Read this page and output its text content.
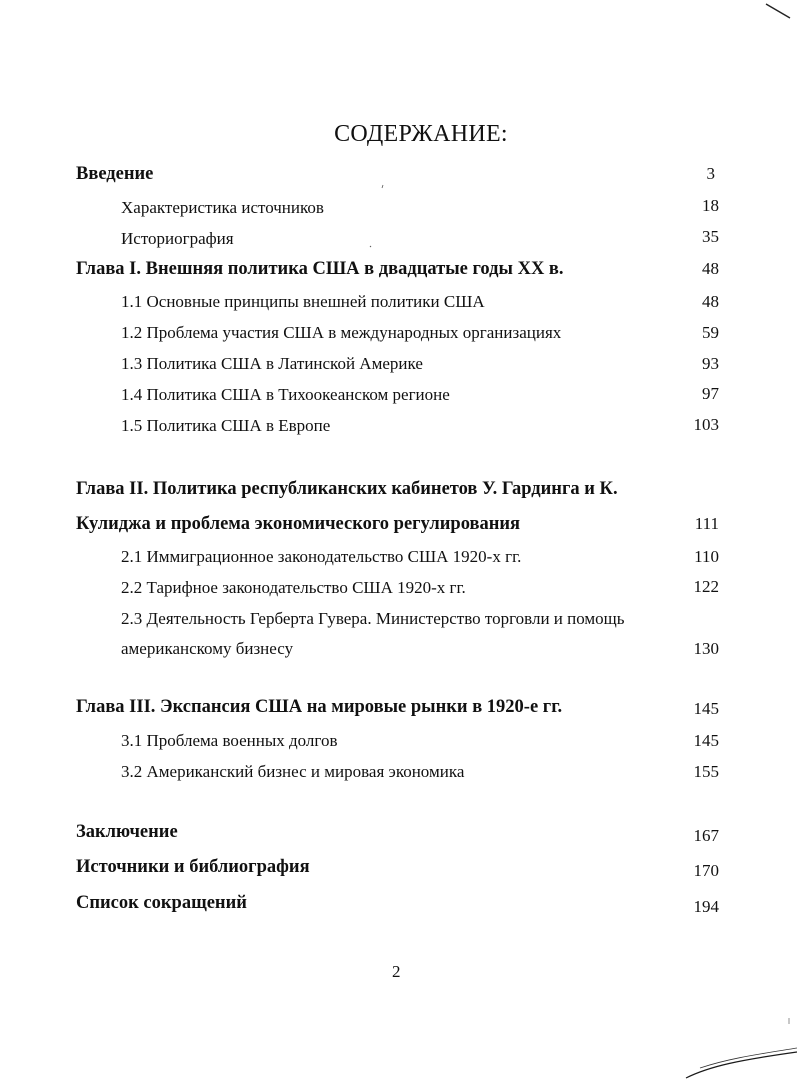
СОДЕРЖАНИЕ:
Введение	3
Характеристика источников	18
Историография	35
Глава I. Внешняя политика США в двадцатые годы XX в.	48
1.1 Основные принципы внешней политики США	48
1.2 Проблема участия США в международных организациях	59
1.3 Политика США в Латинской Америке	93
1.4 Политика США в Тихоокеанском регионе	97
1.5 Политика США в Европе	103
Глава II. Политика республиканских кабинетов У. Гардинга и К.
Кулиджа и проблема экономического регулирования	111
2.1 Иммиграционное законодательство США 1920-х гг.	110
2.2 Тарифное законодательство США 1920-х гг.	122
2.3 Деятельность Герберта Гувера. Министерство торговли и помощь
американскому бизнесу	130
Глава III. Экспансия США на мировые рынки в 1920-е гг.	145
3.1 Проблема военных долгов	145
3.2 Американский бизнес и мировая экономика	155
Заключение	167
Источники и библиография	170
Список сокращений	194
2
